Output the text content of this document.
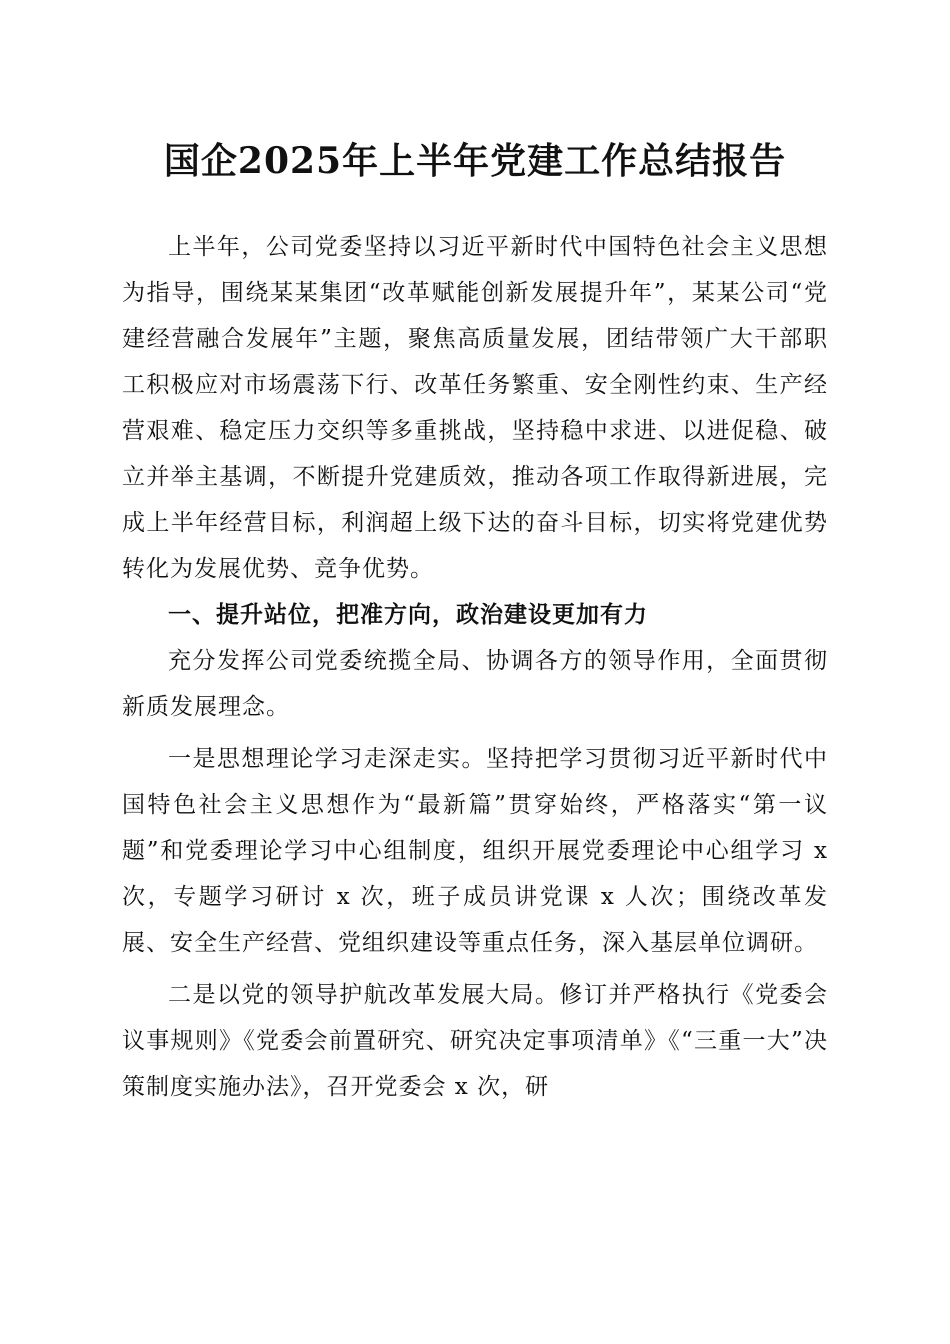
国企2025年上半年党建工作总结报告

上半年，公司党委坚持以习近平新时代中国特色社会主义思想为指导，围绕某某集团“改革赋能创新发展提升年”，某某公司“党建经营融合发展年”主题，聚焦高质量发展，团结带领广大干部职工积极应对市场震荡下行、改革任务繁重、安全刚性约束、生产经营艰难、稳定压力交织等多重挑战，坚持稳中求进、以进促稳、破立并举主基调，不断提升党建质效，推动各项工作取得新进展，完成上半年经营目标，利润超上级下达的奋斗目标，切实将党建优势转化为发展优势、竞争优势。

一、提升站位，把准方向，政治建设更加有力

充分发挥公司党委统揽全局、协调各方的领导作用，全面贯彻新质发展理念。

一是思想理论学习走深走实。坚持把学习贯彻习近平新时代中国特色社会主义思想作为“最新篇”贯穿始终，严格落实“第一议题”和党委理论学习中心组制度，组织开展党委理论中心组学习 x 次，专题学习研讨 x 次，班子成员讲党课 x 人次；围绕改革发展、安全生产经营、党组织建设等重点任务，深入基层单位调研。

二是以党的领导护航改革发展大局。修订并严格执行《党委会议事规则》《党委会前置研究、研究决定事项清单》《“三重一大”决策制度实施办法》，召开党委会 x 次，研
